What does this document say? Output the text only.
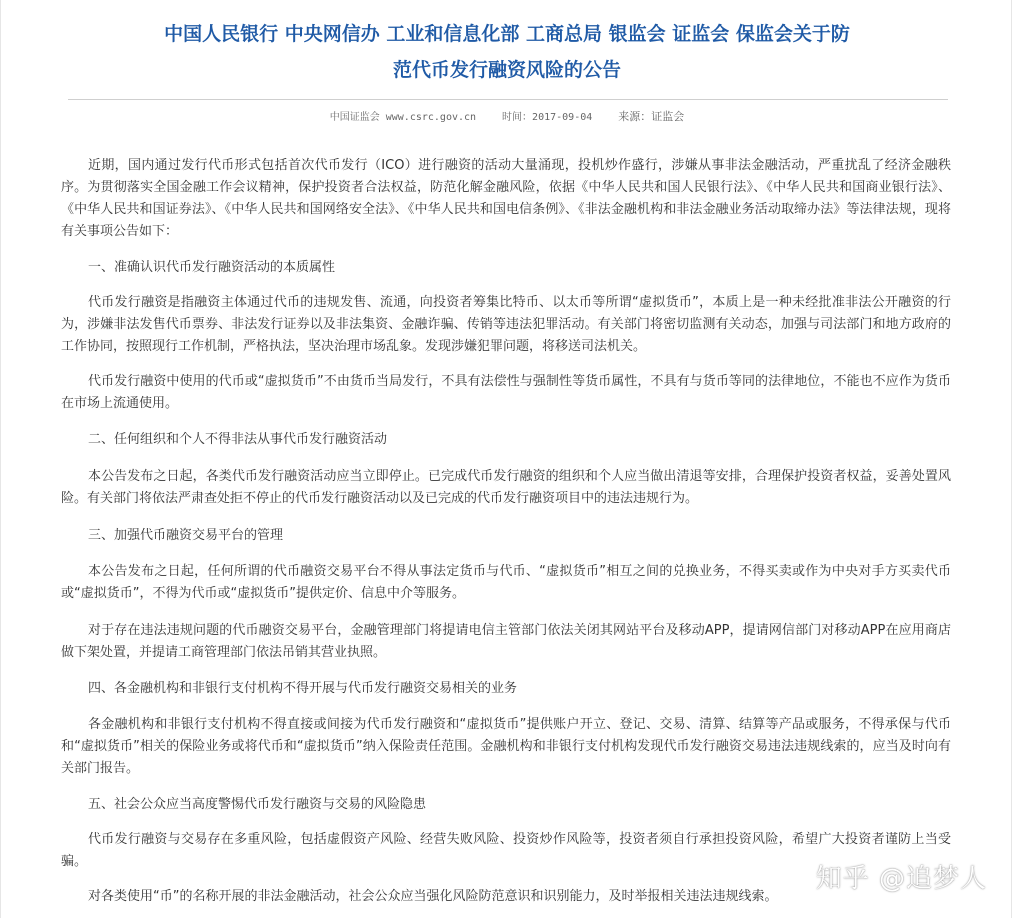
中国人民银行 中央网信办 工业和信息化部 工商总局 银监会 证监会 保监会关于防
范代币发行融资风险的公告
中国证监会 www.csrc.gov.cn	时间：2017-09-04 来源：证监会

近期，国内通过发行代币形式包括首次代币发行（ICO）进行融资的活动大量涌现，投机炒作盛行，涉嫌从事非法金融活动，严重扰乱了经济金融秩序。为贯彻落实全国金融工作会议精神，保护投资者合法权益，防范化解金融风险，依据《中华人民共和国人民银行法》、《中华人民共和国商业银行法》、《中华人民共和国证券法》、《中华人民共和国网络安全法》、《中华人民共和国电信条例》、《非法金融机构和非法金融业务活动取缔办法》等法律法规，现将有关事项公告如下：

一、准确认识代币发行融资活动的本质属性

代币发行融资是指融资主体通过代币的违规发售、流通，向投资者筹集比特币、以太币等所谓“虚拟货币”，本质上是一种未经批准非法公开融资的行为，涉嫌非法发售代币票券、非法发行证券以及非法集资、金融诈骗、传销等违法犯罪活动。有关部门将密切监测有关动态，加强与司法部门和地方政府的工作协同，按照现行工作机制，严格执法，坚决治理市场乱象。发现涉嫌犯罪问题，将移送司法机关。

代币发行融资中使用的代币或“虚拟货币”不由货币当局发行，不具有法偿性与强制性等货币属性，不具有与货币等同的法律地位，不能也不应作为货币在市场上流通使用。

二、任何组织和个人不得非法从事代币发行融资活动

本公告发布之日起，各类代币发行融资活动应当立即停止。已完成代币发行融资的组织和个人应当做出清退等安排，合理保护投资者权益，妥善处置风险。有关部门将依法严肃查处拒不停止的代币发行融资活动以及已完成的代币发行融资项目中的违法违规行为。

三、加强代币融资交易平台的管理

本公告发布之日起，任何所谓的代币融资交易平台不得从事法定货币与代币、“虚拟货币”相互之间的兑换业务，不得买卖或作为中央对手方买卖代币或“虚拟货币”，不得为代币或“虚拟货币”提供定价、信息中介等服务。

对于存在违法违规问题的代币融资交易平台，金融管理部门将提请电信主管部门依法关闭其网站平台及移动APP，提请网信部门对移动APP在应用商店做下架处置，并提请工商管理部门依法吊销其营业执照。

四、各金融机构和非银行支付机构不得开展与代币发行融资交易相关的业务

各金融机构和非银行支付机构不得直接或间接为代币发行融资和“虚拟货币”提供账户开立、登记、交易、清算、结算等产品或服务，不得承保与代币和“虚拟货币”相关的保险业务或将代币和“虚拟货币”纳入保险责任范围。金融机构和非银行支付机构发现代币发行融资交易违法违规线索的，应当及时向有关部门报告。

五、社会公众应当高度警惕代币发行融资与交易的风险隐患

代币发行融资与交易存在多重风险，包括虚假资产风险、经营失败风险、投资炒作风险等，投资者须自行承担投资风险，希望广大投资者谨防上当受骗。

对各类使用“币”的名称开展的非法金融活动，社会公众应当强化风险防范意识和识别能力，及时举报相关违法违规线索。

知乎 @追梦人
